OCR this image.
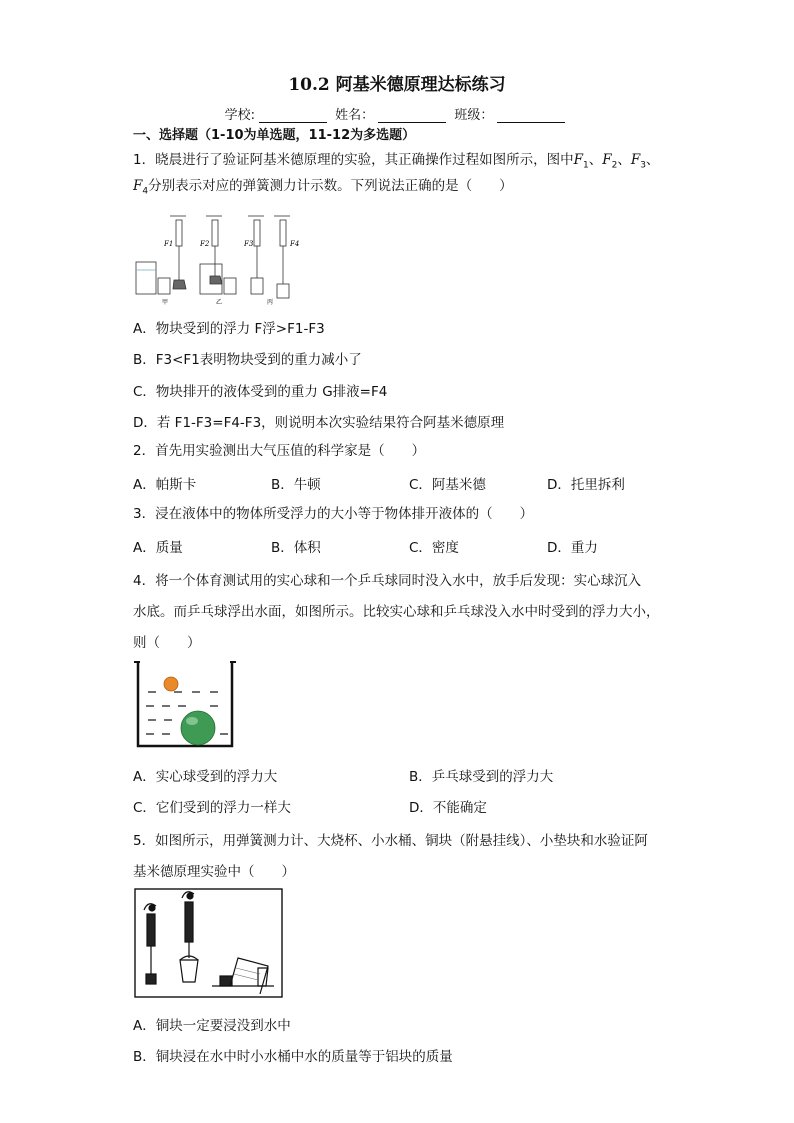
10.2 阿基米德原理达标练习
学校:	姓名：	班级：
一、选择题（1-10为单选题，11-12为多选题）
1．晓晨进行了验证阿基米德原理的实验，其正确操作过程如图所示，图中$F_1$、$F_2$、$F_3$、
$F_4$分别表示对应的弹簧测力计示数。下列说法正确的是（　　）
F1	F2	F3	F4
甲	乙	丙
A．物块受到的浮力 F浮>F1-F3
B．F3<F1表明物块受到的重力减小了
C．物块排开的液体受到的重力 G排液=F4
D．若 F1-F3=F4-F3，则说明本次实验结果符合阿基米德原理
2．首先用实验测出大气压值的科学家是（　　）
A．帕斯卡	B．牛顿	C．阿基米德	D．托里拆利
3．浸在液体中的物体所受浮力的大小等于物体排开液体的（　　）
A．质量	B．体积	C．密度	D．重力
4．将一个体育测试用的实心球和一个乒乓球同时没入水中，放手后发现：实心球沉入
水底。而乒乓球浮出水面，如图所示。比较实心球和乒乓球没入水中时受到的浮力大小，
则（　　）
A．实心球受到的浮力大	B．乒乓球受到的浮力大
C．它们受到的浮力一样大	D．不能确定
5．如图所示，用弹簧测力计、大烧杯、小水桶、铜块（附悬挂线）、小垫块和水验证阿
基米德原理实验中（　　）
A．铜块一定要浸没到水中
B．铜块浸在水中时小水桶中水的质量等于铝块的质量
